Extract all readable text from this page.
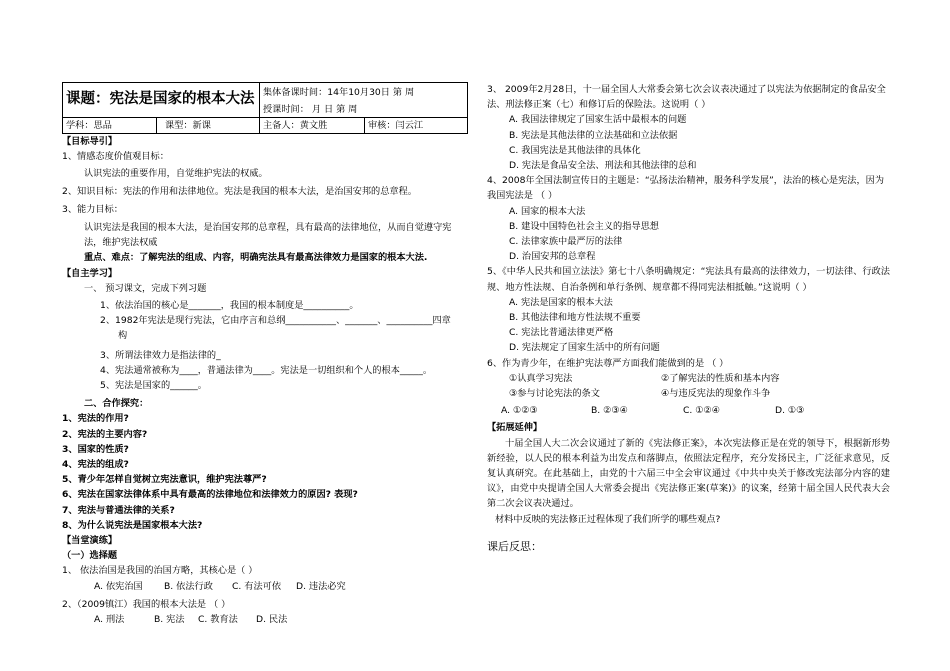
课题：宪法是国家的根本大法	集体备课时间：14年10月30日 第 周	
	授课时间： 月 日 第 周	

学科：思品 课型：新课	主备人：黄文胜	审核：闫云江
【目标导引】
1、情感态度价值观目标：
认识宪法的重要作用，自觉维护宪法的权威。
2、知识目标：宪法的作用和法律地位。宪法是我国的根本大法，是治国安邦的总章程。
3、能力目标：
认识宪法是我国的根本大法，是治国安邦的总章程，具有最高的法律地位，从而自觉遵守宪法，维护宪法权威
重点、难点：了解宪法的组成、内容，明确宪法具有最高法律效力是国家的根本大法.
【自主学习】
一、 预习课文，完成下列习题
1、依法治国的核心是_______，我国的根本制度是__________。
2、1982年宪法是现行宪法，它由序言和总纲___________、_______、__________四章
构
3、所谓法律效力是指法律的_
4、宪法通常被称为____，普通法律为____。宪法是一切组织和个人的根本_____。
5、宪法是国家的______。
二、合作探究：
1、宪法的作用?
2、宪法的主要内容?
3、国家的性质?
4、宪法的组成?
5、青少年怎样自觉树立宪法意识，维护宪法尊严?
6、宪法在国家法律体系中具有最高的法律地位和法律效力的原因? 表现?
7、宪法与普通法律的关系?
8、为什么说宪法是国家根本大法?
【当堂演练】
（一）选择题
1、 依法治国是我国的治国方略，其核心是（ ）
A. 依宪治国 B. 依法行政 C. 有法可依 D. 违法必究
2、（2009镇江）我国的根本大法是 （ ）
A. 刑法	B. 宪法 C. 教育法 D. 民法
3、 2009年2月28日，十一届全国人大常委会第七次会议表决通过了以宪法为依据制定的食品安全法、刑法修正案（七）和修订后的保险法。这说明（ ）
A. 我国法律规定了国家生活中最根本的问题
B. 宪法是其他法律的立法基础和立法依据
C. 我国宪法是其他法律的具体化
D. 宪法是食品安全法、刑法和其他法律的总和
4、2008年全国法制宣传日的主题是：“弘扬法治精神，服务科学发展”，法治的核心是宪法，因为我国宪法是 （ ）
A. 国家的根本大法
B. 建设中国特色社会主义的指导思想
C. 法律家族中最严厉的法律
D. 治国安邦的总章程
5、《中华人民共和国立法法》第七十八条明确规定：“宪法具有最高的法律效力，一切法律、行政法规、地方性法规、自治条例和单行条例、规章都不得同宪法相抵触。”这说明（ ）
A. 宪法是国家的根本大法
B. 其他法律和地方性法规不重要
C. 宪法比普通法律更严格
D. 宪法规定了国家生活中的所有问题
6、作为青少年，在维护宪法尊严方面我们能做到的是 （ ）
①认真学习宪法	②了解宪法的性质和基本内容
③参与讨论宪法的条文	④与违反宪法的现象作斗争
A. ①②③	B. ②③④	C. ①②④	D. ①③
【拓展延伸】
十届全国人大二次会议通过了新的《宪法修正案》，本次宪法修正是在党的领导下，根据新形势新经验，以人民的根本利益为出发点和落脚点，依照法定程序，充分发扬民主，广泛征求意见，反复认真研究。在此基础上，由党的十六届三中全会审议通过《中共中央关于修改宪法部分内容的建议》，由党中央提请全国人大常委会提出《宪法修正案(草案)》的议案，经第十届全国人民代表大会第二次会议表决通过。
材料中反映的宪法修正过程体现了我们所学的哪些观点?
课后反思：
